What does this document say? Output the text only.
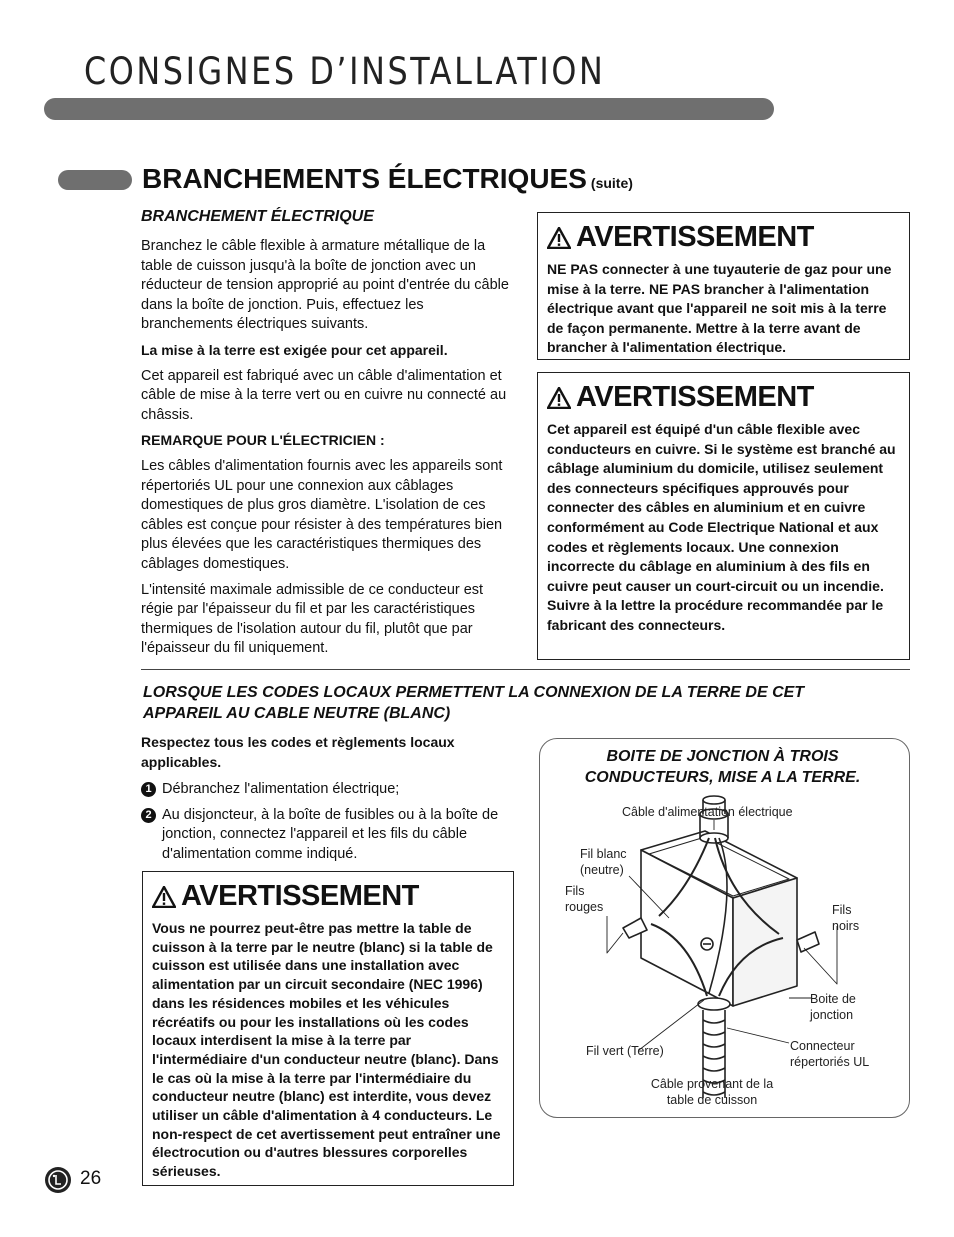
CONSIGNES D’INSTALLATION
BRANCHEMENTS ÉLECTRIQUES (suite)
BRANCHEMENT ÉLECTRIQUE

Branchez le câble flexible à armature métallique de la table de cuisson jusqu'à la boîte de jonction avec un réducteur de tension approprié au point d'entrée du câble dans la boîte de jonction. Puis, effectuez les branchements électriques suivants.

La mise à la terre est exigée pour cet appareil.

Cet appareil est fabriqué avec un câble d'alimentation et câble de mise à la terre vert ou en cuivre nu connecté au châssis.

REMARQUE POUR L'ÉLECTRICIEN :

Les câbles d'alimentation fournis avec les appareils sont répertoriés UL pour une connexion aux câblages domestiques de plus gros diamètre. L'isolation de ces câbles est conçue pour résister à des températures bien plus élevées que les caractéristiques thermiques des câblages domestiques.

L'intensité maximale admissible de ce conducteur est régie par l'épaisseur du fil et par les caractéristiques thermiques de l'isolation autour du fil, plutôt que par l'épaisseur du fil uniquement.

AVERTISSEMENT
NE PAS connecter à une tuyauterie de gaz pour une mise à la terre. NE PAS brancher à l'alimentation électrique avant que l'appareil ne soit mis à la terre de façon permanente. Mettre à la terre avant de brancher à l'alimentation électrique.
AVERTISSEMENT
Cet appareil est équipé d'un câble flexible avec conducteurs en cuivre. Si le système est branché au câblage aluminium du domicile, utilisez seulement des connecteurs spécifiques approuvés pour connecter des câbles en aluminium et en cuivre conformément au Code Electrique National et aux codes et règlements locaux. Une connexion incorrecte du câblage en aluminium à des fils en cuivre peut causer un court-circuit ou un incendie. Suivre à la lettre la procédure recommandée par le fabricant des connecteurs.
LORSQUE LES CODES LOCAUX PERMETTENT LA CONNEXION DE LA TERRE DE CET APPAREIL AU CABLE NEUTRE (BLANC)

Respectez tous les codes et règlements locaux applicables.

1 Débranchez l'alimentation électrique;

2 Au disjoncteur, à la boîte de fusibles ou à la boîte de jonction, connectez l'appareil et les fils du câble d'alimentation comme indiqué.

AVERTISSEMENT
Vous ne pourrez peut-être pas mettre la table de cuisson à la terre par le neutre (blanc) si la table de cuisson est utilisée dans une installation avec alimentation par un circuit secondaire (NEC 1996) dans les résidences mobiles et les véhicules récréatifs ou pour les installations où les codes locaux interdisent la mise à la terre par l'intermédiaire d'un conducteur neutre (blanc). Dans le cas où la mise à la terre par l'intermédiaire du conducteur neutre (blanc) est interdite, vous devez utiliser un câble d'alimentation à 4 conducteurs. Le non-respect de cet avertissement peut entraîner une électrocution ou d'autres blessures corporelles sérieuses.
BOITE DE JONCTION À TROIS CONDUCTEURS, MISE A LA TERRE.
Câble d'alimentation électrique
Fil blanc (neutre)
Fils rouges	Fils noirs
Boite de jonction
Connecteur répertoriés UL
Fil vert (Terre)
Câble provenant de la table de cuisson
26
